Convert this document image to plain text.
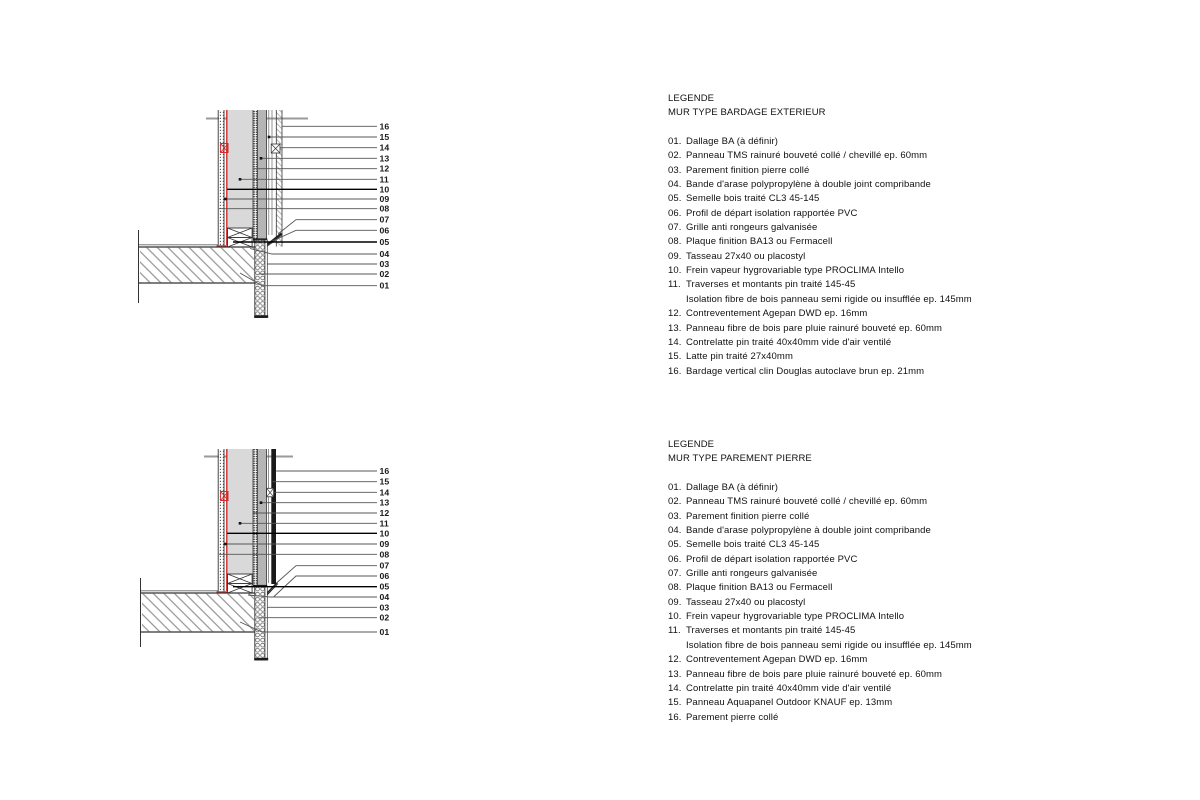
16
15
14
13
12
11
10
09
08
07
06
05
04
03
02
01
16
15
14
13
12
11
10
09
08
07
06
05
04
03
02
01
LEGENDE
MUR TYPE BARDAGE EXTERIEUR
01. Dallage BA (à définir)
02. Panneau TMS rainuré bouveté collé / chevillé ep. 60mm
03. Parement finition pierre collé
04. Bande d'arase polypropylène à double joint compribande
05. Semelle bois traité CL3 45-145
06. Profil de départ isolation rapportée PVC
07. Grille anti rongeurs galvanisée
08. Plaque finition BA13 ou Fermacell
09. Tasseau 27x40 ou placostyl
10. Frein vapeur hygrovariable type PROCLIMA Intello
11. Traverses et montants pin traité 145-45
Isolation fibre de bois panneau semi rigide ou insufflée ep. 145mm
12. Contreventement Agepan DWD ep. 16mm
13. Panneau fibre de bois pare pluie rainuré bouveté ep. 60mm
14. Contrelatte pin traité 40x40mm vide d'air ventilé
15. Latte pin traité 27x40mm
16. Bardage vertical clin Douglas autoclave brun ep. 21mm
LEGENDE
MUR TYPE PAREMENT PIERRE
01. Dallage BA (à définir)
02. Panneau TMS rainuré bouveté collé / chevillé ep. 60mm
03. Parement finition pierre collé
04. Bande d'arase polypropylène à double joint compribande
05. Semelle bois traité CL3 45-145
06. Profil de départ isolation rapportée PVC
07. Grille anti rongeurs galvanisée
08. Plaque finition BA13 ou Fermacell
09. Tasseau 27x40 ou placostyl
10. Frein vapeur hygrovariable type PROCLIMA Intello
11. Traverses et montants pin traité 145-45
Isolation fibre de bois panneau semi rigide ou insufflée ep. 145mm
12. Contreventement Agepan DWD ep. 16mm
13. Panneau fibre de bois pare pluie rainuré bouveté ep. 60mm
14. Contrelatte pin traité 40x40mm vide d'air ventilé
15. Panneau Aquapanel Outdoor KNAUF ep. 13mm
16. Parement pierre collé
